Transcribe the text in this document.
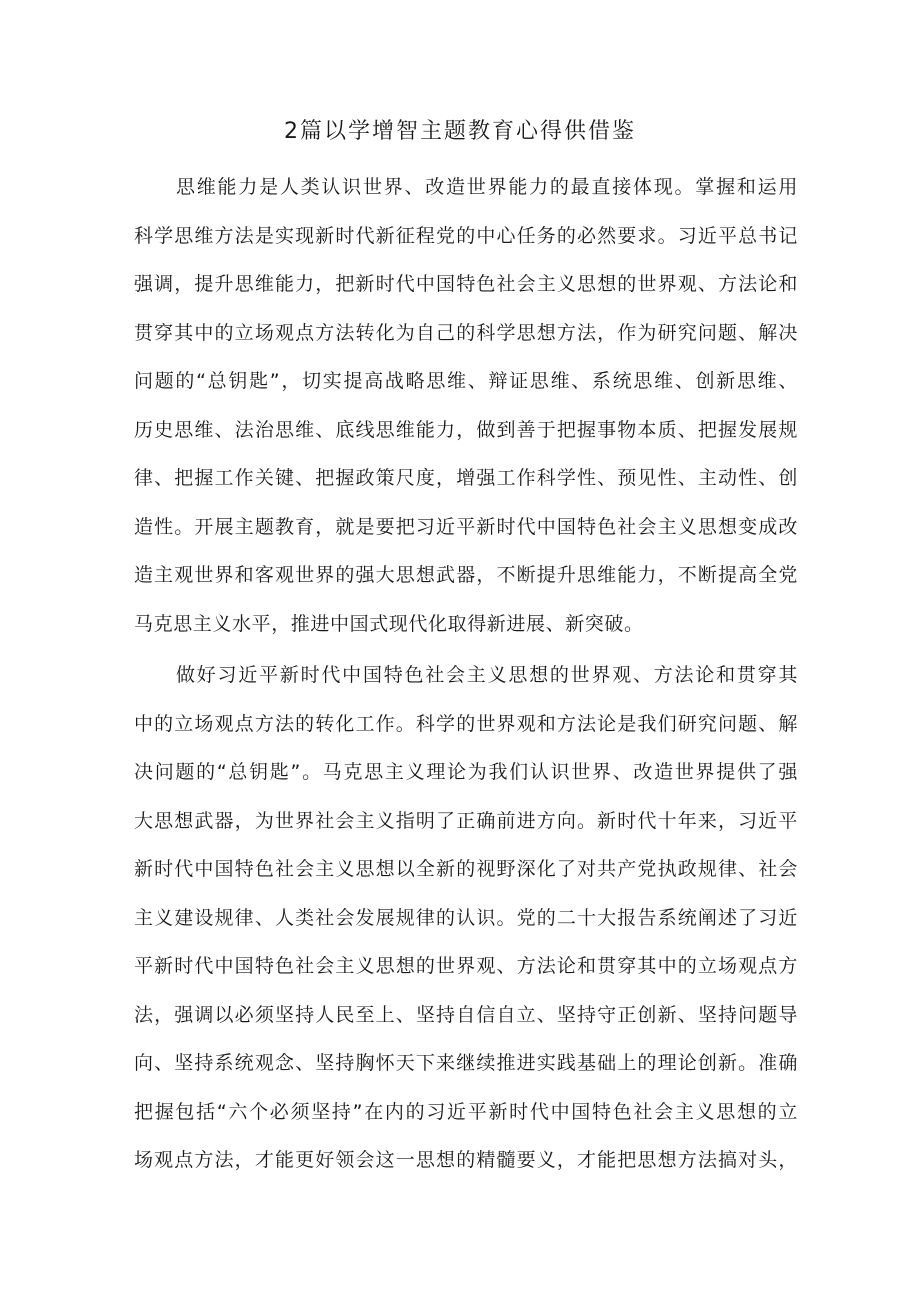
2篇以学增智主题教育心得供借鉴
思维能力是人类认识世界、改造世界能力的最直接体现。掌握和运用
科学思维方法是实现新时代新征程党的中心任务的必然要求。习近平总书记
强调，提升思维能力，把新时代中国特色社会主义思想的世界观、方法论和
贯穿其中的立场观点方法转化为自己的科学思想方法，作为研究问题、解决
问题的“总钥匙”，切实提高战略思维、辩证思维、系统思维、创新思维、
历史思维、法治思维、底线思维能力，做到善于把握事物本质、把握发展规
律、把握工作关键、把握政策尺度，增强工作科学性、预见性、主动性、创
造性。开展主题教育，就是要把习近平新时代中国特色社会主义思想变成改
造主观世界和客观世界的强大思想武器，不断提升思维能力，不断提高全党
马克思主义水平，推进中国式现代化取得新进展、新突破。
做好习近平新时代中国特色社会主义思想的世界观、方法论和贯穿其
中的立场观点方法的转化工作。科学的世界观和方法论是我们研究问题、解
决问题的“总钥匙”。马克思主义理论为我们认识世界、改造世界提供了强
大思想武器，为世界社会主义指明了正确前进方向。新时代十年来，习近平
新时代中国特色社会主义思想以全新的视野深化了对共产党执政规律、社会
主义建设规律、人类社会发展规律的认识。党的二十大报告系统阐述了习近
平新时代中国特色社会主义思想的世界观、方法论和贯穿其中的立场观点方
法，强调以必须坚持人民至上、坚持自信自立、坚持守正创新、坚持问题导
向、坚持系统观念、坚持胸怀天下来继续推进实践基础上的理论创新。准确
把握包括“六个必须坚持”在内的习近平新时代中国特色社会主义思想的立
场观点方法，才能更好领会这一思想的精髓要义，才能把思想方法搞对头，
